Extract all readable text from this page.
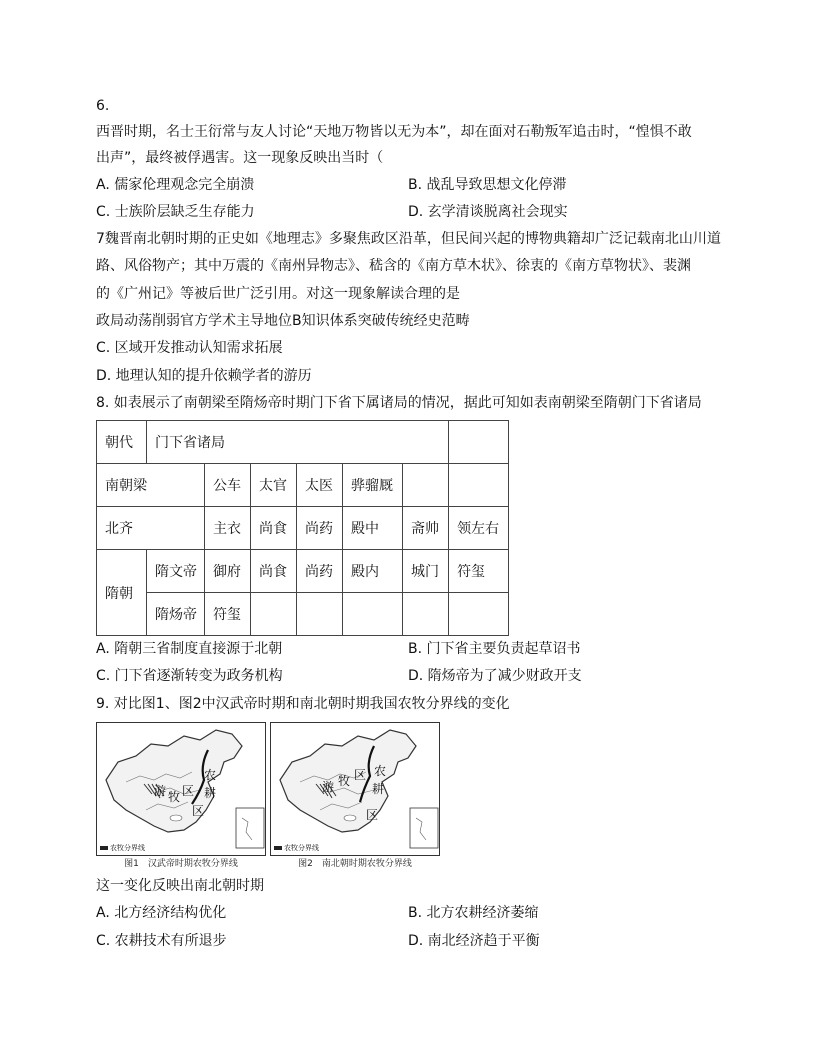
6.
西晋时期，名士王衍常与友人讨论“天地万物皆以无为本”，却在面对石勒叛军追击时，“惶惧不敢
出声”，最终被俘遇害。这一现象反映出当时（
A. 儒家伦理观念完全崩溃	B. 战乱导致思想文化停滞
C. 士族阶层缺乏生存能力	D. 玄学清谈脱离社会现实
7魏晋南北朝时期的正史如《地理志》多聚焦政区沿革，但民间兴起的博物典籍却广泛记载南北山川道
路、风俗物产；其中万震的《南州异物志》、嵇含的《南方草木状》、徐衷的《南方草物状》、裴渊
的《广州记》等被后世广泛引用。对这一现象解读合理的是
政局动荡削弱官方学术主导地位B知识体系突破传统经史范畴
C. 区域开发推动认知需求拓展
D. 地理认知的提升依赖学者的游历
8. 如表展示了南朝梁至隋炀帝时期门下省下属诸局的情况，据此可知如表南朝梁至隋朝门下省诸局
朝代	门下省诸局						
南朝梁		公车	太官	太医	骅骝厩		
北齐		主衣	尚食	尚药	殿中	斋帅	领左右
隋朝	隋文帝	御府	尚食	尚药	殿内	城门	符玺
	隋炀帝	符玺					
A. 隋朝三省制度直接源于北朝	B. 门下省主要负责起草诏书
C. 门下省逐渐转变为政务机构	D. 隋炀帝为了减少财政开支
9. 对比图1、图2中汉武帝时期和南北朝时期我国农牧分界线的变化
游 牧 区
农
耕
区
农牧分界线
图1　汉武帝时期农牧分界线
游 牧 区 农
耕
区
农牧分界线
图2　南北朝时期农牧分界线
这一变化反映出南北朝时期
A. 北方经济结构优化	B. 北方农耕经济萎缩
C. 农耕技术有所退步	D. 南北经济趋于平衡
